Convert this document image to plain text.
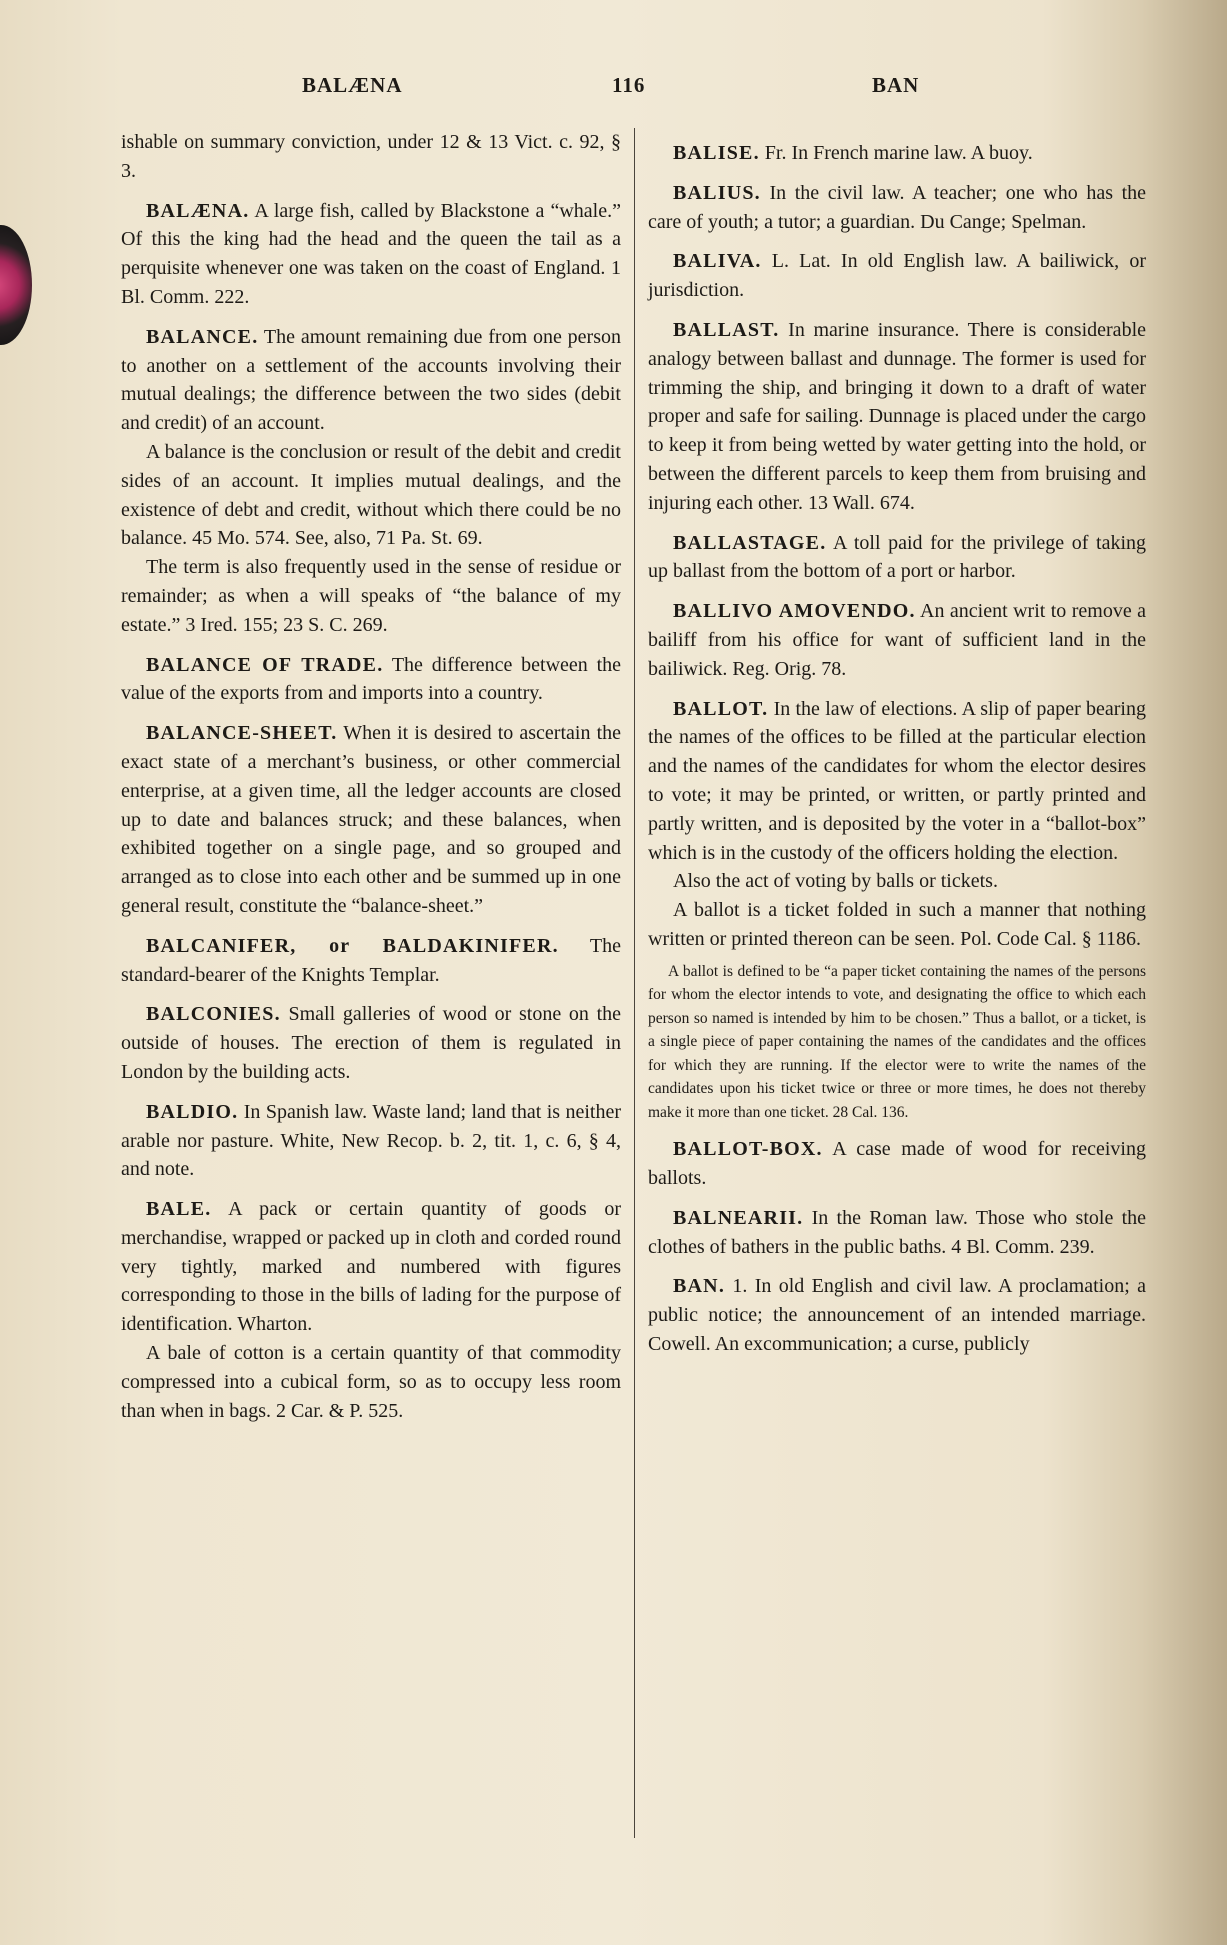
BALÆNA	116	BAN

ishable on summary conviction, under 12 & 13 Vict. c. 92, § 3.

BALÆNA. A large fish, called by Blackstone a “whale.” Of this the king had the head and the queen the tail as a perquisite whenever one was taken on the coast of England. 1 Bl. Comm. 222.

BALANCE. The amount remaining due from one person to another on a settlement of the accounts involving their mutual dealings; the difference between the two sides (debit and credit) of an account.

A balance is the conclusion or result of the debit and credit sides of an account. It implies mutual dealings, and the existence of debt and credit, without which there could be no balance. 45 Mo. 574. See, also, 71 Pa. St. 69.

The term is also frequently used in the sense of residue or remainder; as when a will speaks of “the balance of my estate.” 3 Ired. 155; 23 S. C. 269.

BALANCE OF TRADE. The difference between the value of the exports from and imports into a country.

BALANCE-SHEET. When it is desired to ascertain the exact state of a merchant’s business, or other commercial enterprise, at a given time, all the ledger accounts are closed up to date and balances struck; and these balances, when exhibited together on a single page, and so grouped and arranged as to close into each other and be summed up in one general result, constitute the “balance-sheet.”

BALCANIFER, or BALDAKINIFER. The standard-bearer of the Knights Templar.

BALCONIES. Small galleries of wood or stone on the outside of houses. The erection of them is regulated in London by the building acts.

BALDIO. In Spanish law. Waste land; land that is neither arable nor pasture. White, New Recop. b. 2, tit. 1, c. 6, § 4, and note.

BALE. A pack or certain quantity of goods or merchandise, wrapped or packed up in cloth and corded round very tightly, marked and numbered with figures corresponding to those in the bills of lading for the purpose of identification. Wharton.

A bale of cotton is a certain quantity of that commodity compressed into a cubical form, so as to occupy less room than when in bags. 2 Car. & P. 525.

BALISE. Fr. In French marine law. A buoy.

BALIUS. In the civil law. A teacher; one who has the care of youth; a tutor; a guardian. Du Cange; Spelman.

BALIVA. L. Lat. In old English law. A bailiwick, or jurisdiction.

BALLAST. In marine insurance. There is considerable analogy between ballast and dunnage. The former is used for trimming the ship, and bringing it down to a draft of water proper and safe for sailing. Dunnage is placed under the cargo to keep it from being wetted by water getting into the hold, or between the different parcels to keep them from bruising and injuring each other. 13 Wall. 674.

BALLASTAGE. A toll paid for the privilege of taking up ballast from the bottom of a port or harbor.

BALLIVO AMOVENDO. An ancient writ to remove a bailiff from his office for want of sufficient land in the bailiwick. Reg. Orig. 78.

BALLOT. In the law of elections. A slip of paper bearing the names of the offices to be filled at the particular election and the names of the candidates for whom the elector desires to vote; it may be printed, or written, or partly printed and partly written, and is deposited by the voter in a “ballot-box” which is in the custody of the officers holding the election.

Also the act of voting by balls or tickets.

A ballot is a ticket folded in such a manner that nothing written or printed thereon can be seen. Pol. Code Cal. § 1186.

A ballot is defined to be “a paper ticket containing the names of the persons for whom the elector intends to vote, and designating the office to which each person so named is intended by him to be chosen.” Thus a ballot, or a ticket, is a single piece of paper containing the names of the candidates and the offices for which they are running. If the elector were to write the names of the candidates upon his ticket twice or three or more times, he does not thereby make it more than one ticket. 28 Cal. 136.

BALLOT-BOX. A case made of wood for receiving ballots.

BALNEARII. In the Roman law. Those who stole the clothes of bathers in the public baths. 4 Bl. Comm. 239.

BAN. 1. In old English and civil law. A proclamation; a public notice; the announcement of an intended marriage. Cowell. An excommunication; a curse, publicly
